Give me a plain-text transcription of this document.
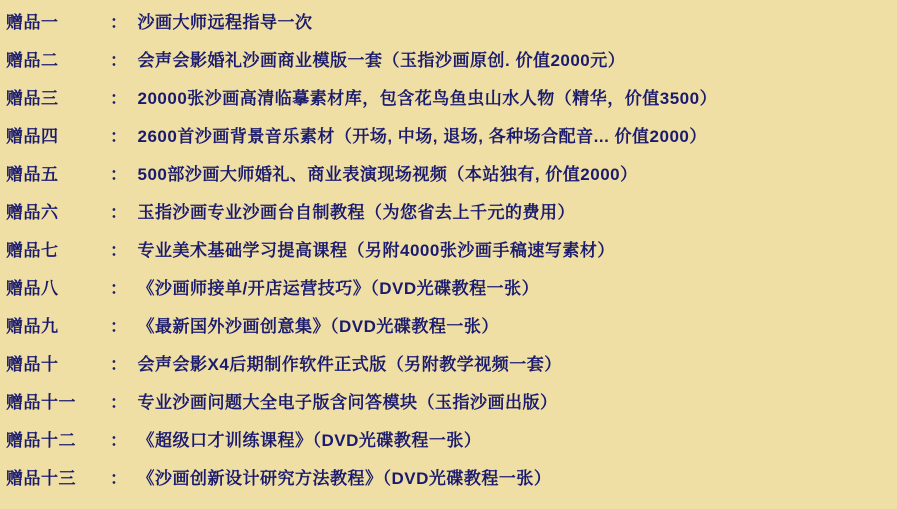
赠品一	： 沙画大师远程指导一次
赠品二	： 会声会影婚礼沙画商业模版一套（玉指沙画原创. 价值2000元）
赠品三	： 20000张沙画高清临摹素材库，包含花鸟鱼虫山水人物（精华，价值3500）
赠品四	： 2600首沙画背景音乐素材（开场, 中场, 退场, 各种场合配音... 价值2000）
赠品五	： 500部沙画大师婚礼、商业表演现场视频（本站独有, 价值2000）
赠品六	： 玉指沙画专业沙画台自制教程（为您省去上千元的费用）
赠品七	： 专业美术基础学习提高课程（另附4000张沙画手稿速写素材）
赠品八	： 《沙画师接单/开店运营技巧》（DVD光碟教程一张）
赠品九	： 《最新国外沙画创意集》（DVD光碟教程一张）
赠品十	： 会声会影X4后期制作软件正式版（另附教学视频一套）
赠品十一	： 专业沙画问题大全电子版含问答模块（玉指沙画出版）
赠品十二	： 《超级口才训练课程》（DVD光碟教程一张）
赠品十三	： 《沙画创新设计研究方法教程》（DVD光碟教程一张）
